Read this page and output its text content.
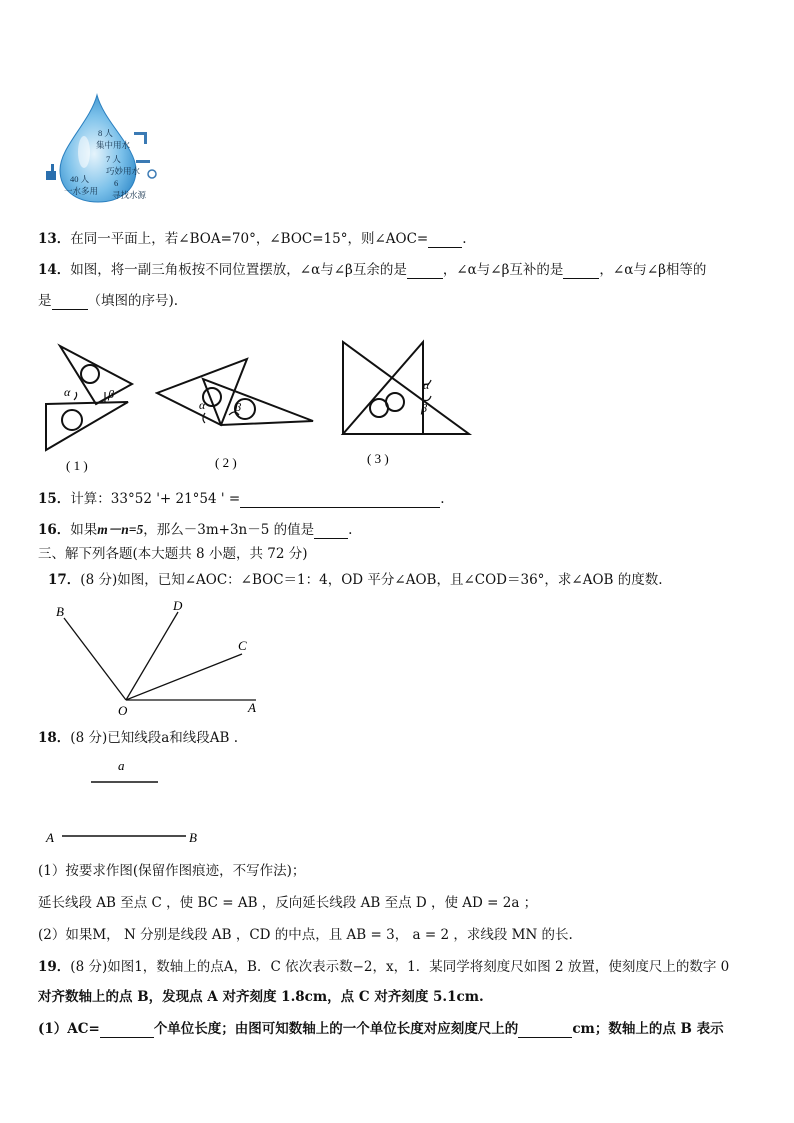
8 人
集中用水
7 人
巧妙用水
40 人
一水多用
6
寻找水源
13．在同一平面上，若∠BOA=70°，∠BOC=15°，则∠AOC=	.
14．如图，将一副三角板按不同位置摆放，∠α与∠β互余的是	，∠α与∠β互补的是	，∠α与∠β相等的
是	（填图的序号).
α	β
( 1 )
α β
( 2 )
α
β
( 3 )
15．计算：33°52 '+ 21°54 ' =	.
16．如果m－n=5，那么－3m+3n－5 的值是	.
三、解下列各题(本大题共 8 小题，共 72 分)
17．(8 分)如图，已知∠AOC：∠BOC＝1：4，OD 平分∠AOB，且∠COD＝36°，求∠AOB 的度数.
B	D
C
O	A
18．(8 分)已知线段a和线段AB .
a
A	B
(1）按要求作图(保留作图痕迹，不写作法)；
延长线段 AB 至点 C ，使 BC = AB ，反向延长线段 AB 至点 D ，使 AD = 2a ；
(2）如果M， N 分别是线段 AB ，CD 的中点，且 AB = 3， a = 2 ，求线段 MN 的长.
19．(8 分)如图1，数轴上的点A，B．C 依次表示数−2，x，1．某同学将刻度尺如图 2 放置，使刻度尺上的数字 0
对齐数轴上的点 B，发现点 A 对齐刻度 1.8cm，点 C 对齐刻度 5.1cm.
(1）AC=	个单位长度；由图可知数轴上的一个单位长度对应刻度尺上的	cm；数轴上的点 B 表示
